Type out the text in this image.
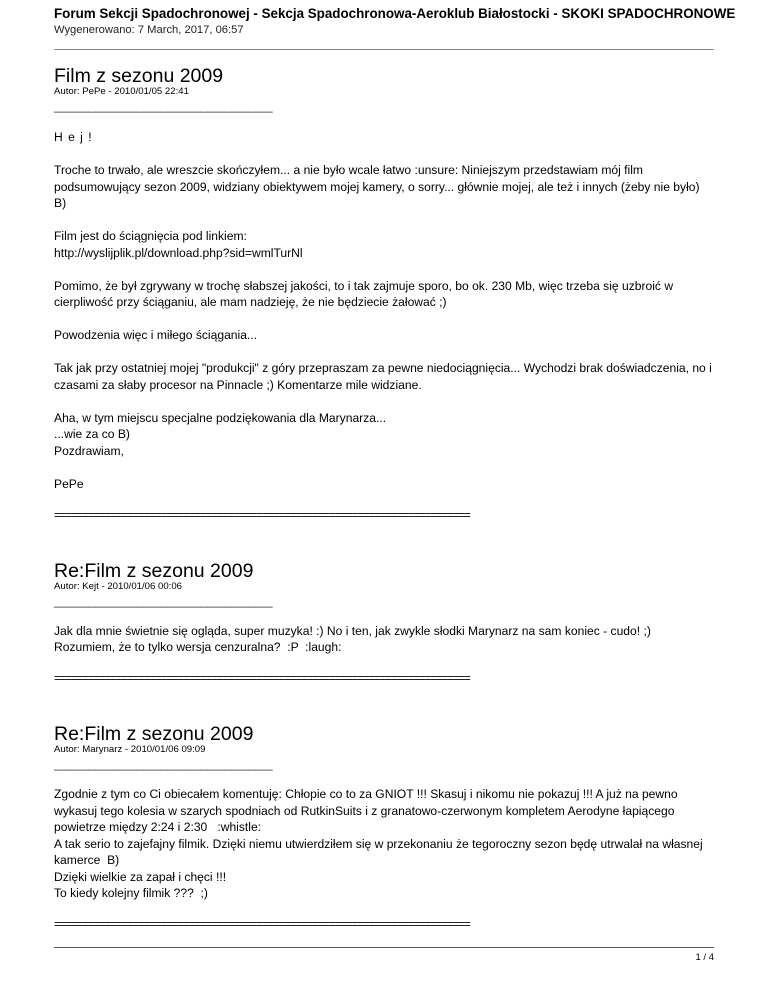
Forum Sekcji Spadochronowej - Sekcja Spadochronowa-Aeroklub Białostocki - SKOKI SPADOCHRONOWE
Wygenerowano: 7 March, 2017, 06:57
Film z sezonu 2009
Autor: PePe - 2010/01/05 22:41
_____________________________________

H e j !

Troche to trwało, ale wreszcie skończyłem... a nie było wcale łatwo :unsure: Niniejszym przedstawiam mój film podsumowujący sezon 2009, widziany obiektywem mojej kamery, o sorry... głównie mojej, ale też i innych (żeby nie było) B)

Film jest do ściągnięcia pod linkiem:
http://wyslijplik.pl/download.php?sid=wmlTurNl

Pomimo, że był zgrywany w trochę słabszej jakości, to i tak zajmuje sporo, bo ok. 230 Mb, więc trzeba się uzbroić w cierpliwość przy ściąganiu, ale mam nadzieję, że nie będziecie żałować ;)

Powodzenia więc i miłego ściągania...

Tak jak przy ostatniej mojej "produkcji" z góry przepraszam za pewne niedociągnięcia... Wychodzi brak doświadczenia, no i czasami za słaby procesor na Pinnacle ;) Komentarze mile widziane.

Aha, w tym miejscu specjalne podziękowania dla Marynarza...
...wie za co B)
Pozdrawiam,

PePe

==========================================================================
Re:Film z sezonu 2009
Autor: Kejt - 2010/01/06 00:06
_____________________________________

Jak dla mnie świetnie się ogląda, super muzyka! :) No i ten, jak zwykle słodki Marynarz na sam koniec - cudo! ;) Rozumiem, że to tylko wersja cenzuralna?  :P  :laugh:

==========================================================================
Re:Film z sezonu 2009
Autor: Marynarz - 2010/01/06 09:09
_____________________________________

Zgodnie z tym co Ci obiecałem komentuję: Chłopie co to za GNIOT !!! Skasuj i nikomu nie pokazuj !!! A już na pewno wykasuj tego kolesia w szarych spodniach od RutkinSuits i z granatowo-czerwonym kompletem Aerodyne łapiącego powietrze między 2:24 i 2:30   :whistle:
A tak serio to zajefajny filmik. Dzięki niemu utwierdziłem się w przekonaniu że tegoroczny sezon będę utrwalał na własnej kamerce  B)
Dzięki wielkie za zapał i chęci !!!
To kiedy kolejny filmik ???  ;)

==========================================================================
1 / 4
